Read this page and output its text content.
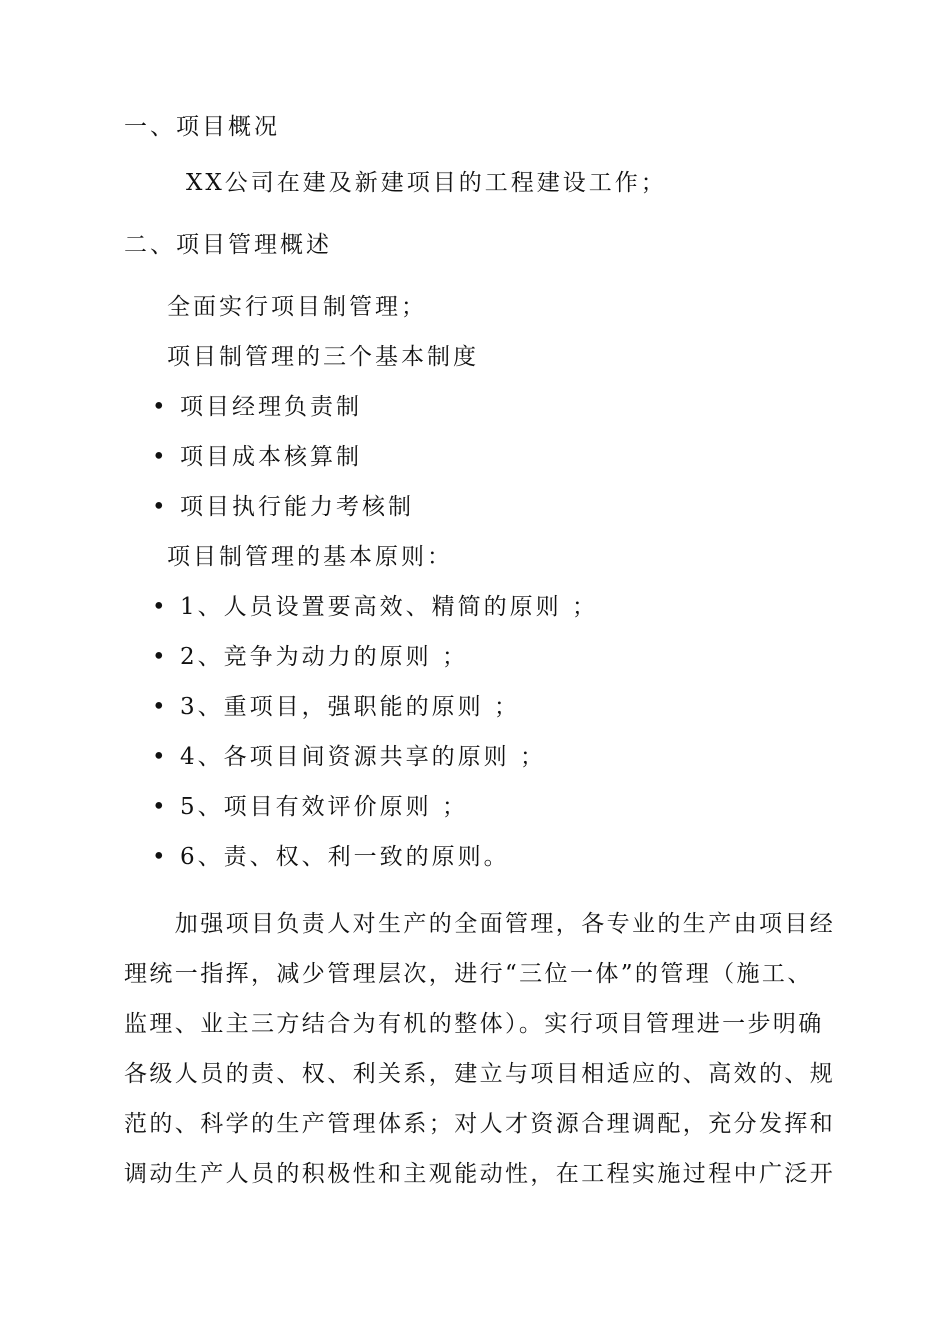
一、项目概况
XX公司在建及新建项目的工程建设工作；
二、项目管理概述
全面实行项目制管理；
项目制管理的三个基本制度
• 项目经理负责制
• 项目成本核算制
• 项目执行能力考核制
项目制管理的基本原则：
• 1、人员设置要高效、精简的原则 ；
• 2、竞争为动力的原则 ；
• 3、重项目，强职能的原则 ；
• 4、各项目间资源共享的原则 ；
• 5、项目有效评价原则 ；
• 6、责、权、利一致的原则。
　　加强项目负责人对生产的全面管理，各专业的生产由项目经
理统一指挥，减少管理层次，进行“三位一体”的管理（施工、
监理、业主三方结合为有机的整体）。实行项目管理进一步明确
各级人员的责、权、利关系，建立与项目相适应的、高效的、规
范的、科学的生产管理体系；对人才资源合理调配，充分发挥和
调动生产人员的积极性和主观能动性，在工程实施过程中广泛开
